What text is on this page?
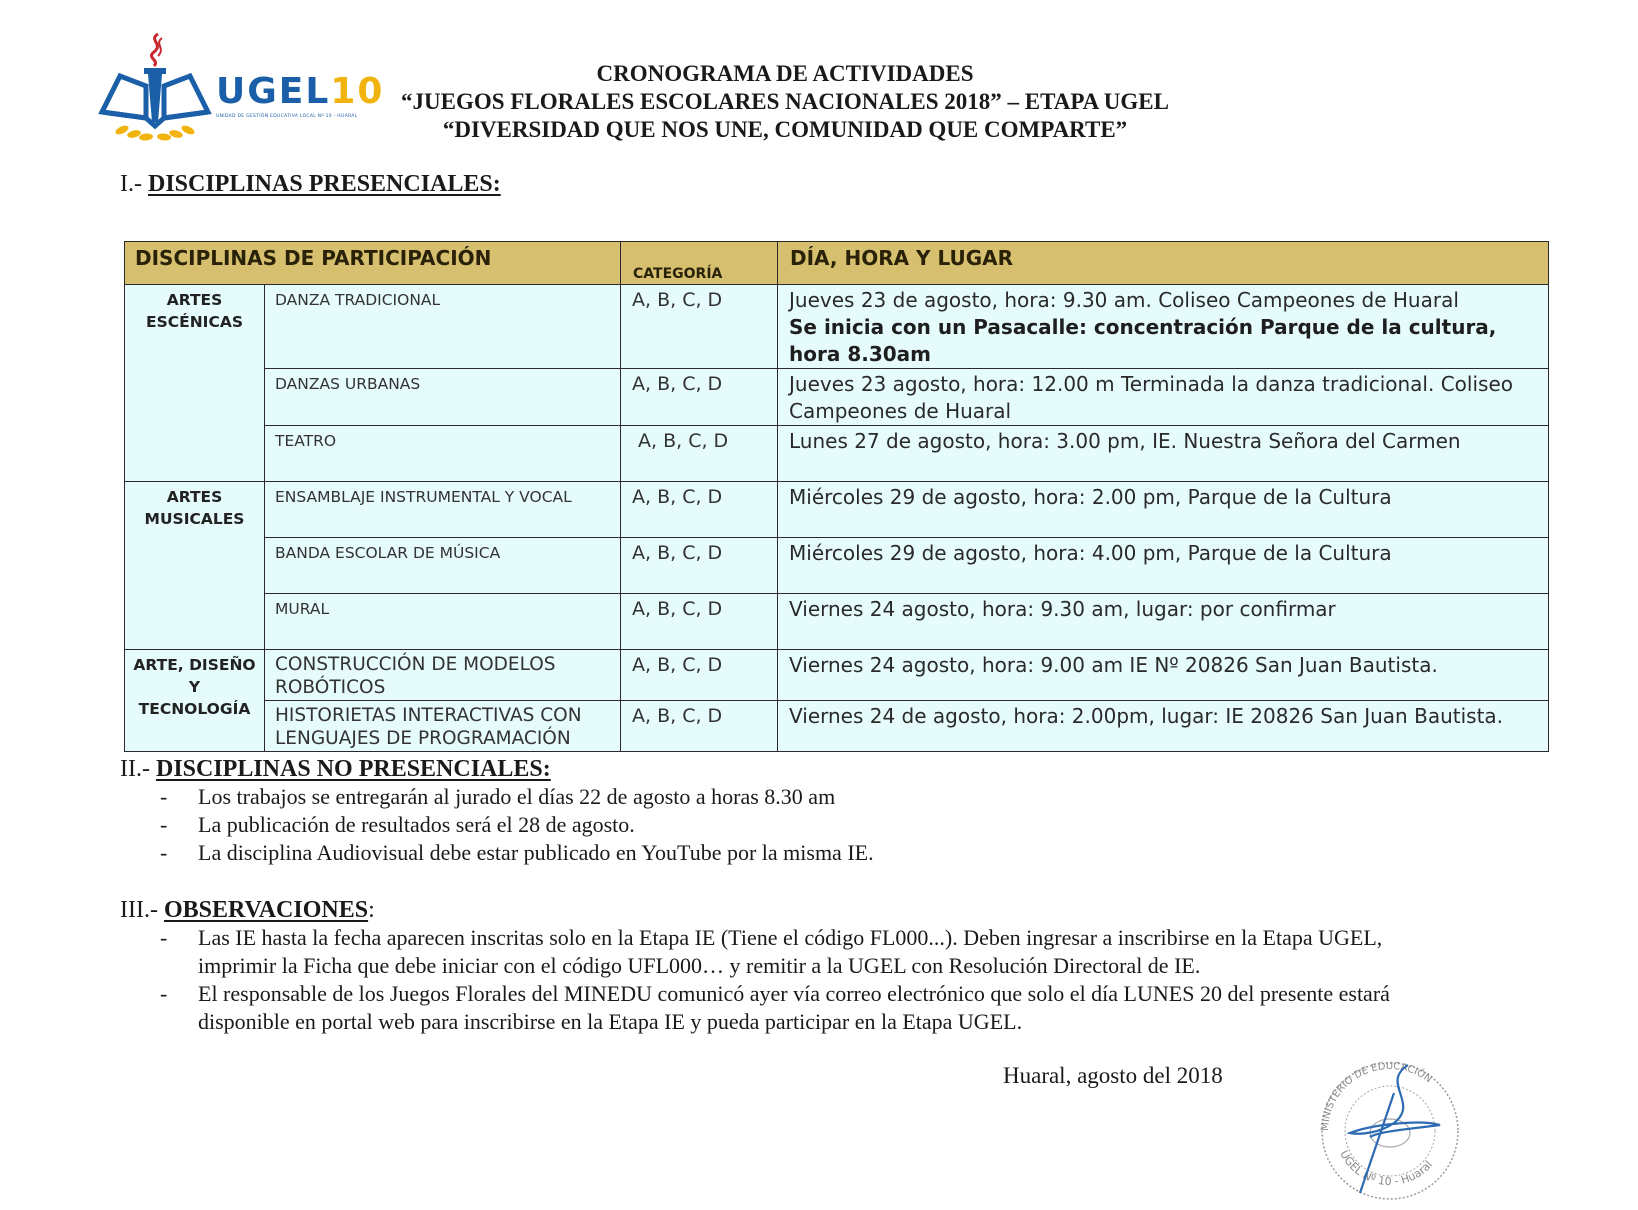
UGEL10
UNIDAD DE GESTIÓN EDUCATIVA LOCAL Nº 10 - HUARAL
CRONOGRAMA DE ACTIVIDADES
“JUEGOS FLORALES ESCOLARES NACIONALES 2018” – ETAPA UGEL
“DIVERSIDAD QUE NOS UNE, COMUNIDAD QUE COMPARTE”
I.- DISCIPLINAS PRESENCIALES:
DISCIPLINAS DE PARTICIPACIÓN		CATEGORÍA	DÍA, HORA Y LUGAR
ARTES ESCÉNICAS	DANZA TRADICIONAL	A, B, C, D	Jueves 23 de agosto, hora: 9.30 am. Coliseo Campeones de Huaral
Se inicia con un Pasacalle: concentración Parque de la cultura, hora 8.30am

	DANZAS URBANAS	A, B, C, D	Jueves 23 agosto, hora: 12.00 m Terminada la danza tradicional. Coliseo Campeones de Huaral
	TEATRO	A, B, C, D	Lunes 27 de agosto, hora: 3.00 pm, IE. Nuestra Señora del Carmen
ARTES MUSICALES	ENSAMBLAJE INSTRUMENTAL Y VOCAL	A, B, C, D	Miércoles 29 de agosto, hora: 2.00 pm, Parque de la Cultura
	BANDA ESCOLAR DE MÚSICA	A, B, C, D	Miércoles 29 de agosto, hora: 4.00 pm, Parque de la Cultura
	MURAL	A, B, C, D	Viernes 24 agosto, hora: 9.30 am, lugar: por confirmar

ARTE, DISEÑO
Y
TECNOLOGÍA	CONSTRUCCIÓN DE MODELOS ROBÓTICOS	A, B, C, D	Viernes 24 agosto, hora: 9.00 am IE Nº 20826 San Juan Bautista.
	HISTORIETAS INTERACTIVAS CON LENGUAJES DE PROGRAMACIÓN	A, B, C, D	Viernes 24 de agosto, hora: 2.00pm, lugar: IE 20826 San Juan Bautista.
II.- DISCIPLINAS NO PRESENCIALES:
-	Los trabajos se entregarán al jurado el días 22 de agosto a horas 8.30 am
-	La publicación de resultados será el 28 de agosto.
-	La disciplina Audiovisual debe estar publicado en YouTube por la misma IE.
III.- OBSERVACIONES:
-	Las IE hasta la fecha aparecen inscritas solo en la Etapa IE (Tiene el código FL000...). Deben ingresar a inscribirse en la Etapa UGEL, imprimir la Ficha que debe iniciar con el código UFL000… y remitir a la UGEL con Resolución Directoral de IE.
-	El responsable de los Juegos Florales del MINEDU comunicó ayer vía correo electrónico que solo el día LUNES 20 del presente estará disponible en portal web para inscribirse en la Etapa IE y pueda participar en la Etapa UGEL.
Huaral, agosto del 2018
MINISTERIO DE EDUCACIÓN
UGEL Nº 10 - Huaral
